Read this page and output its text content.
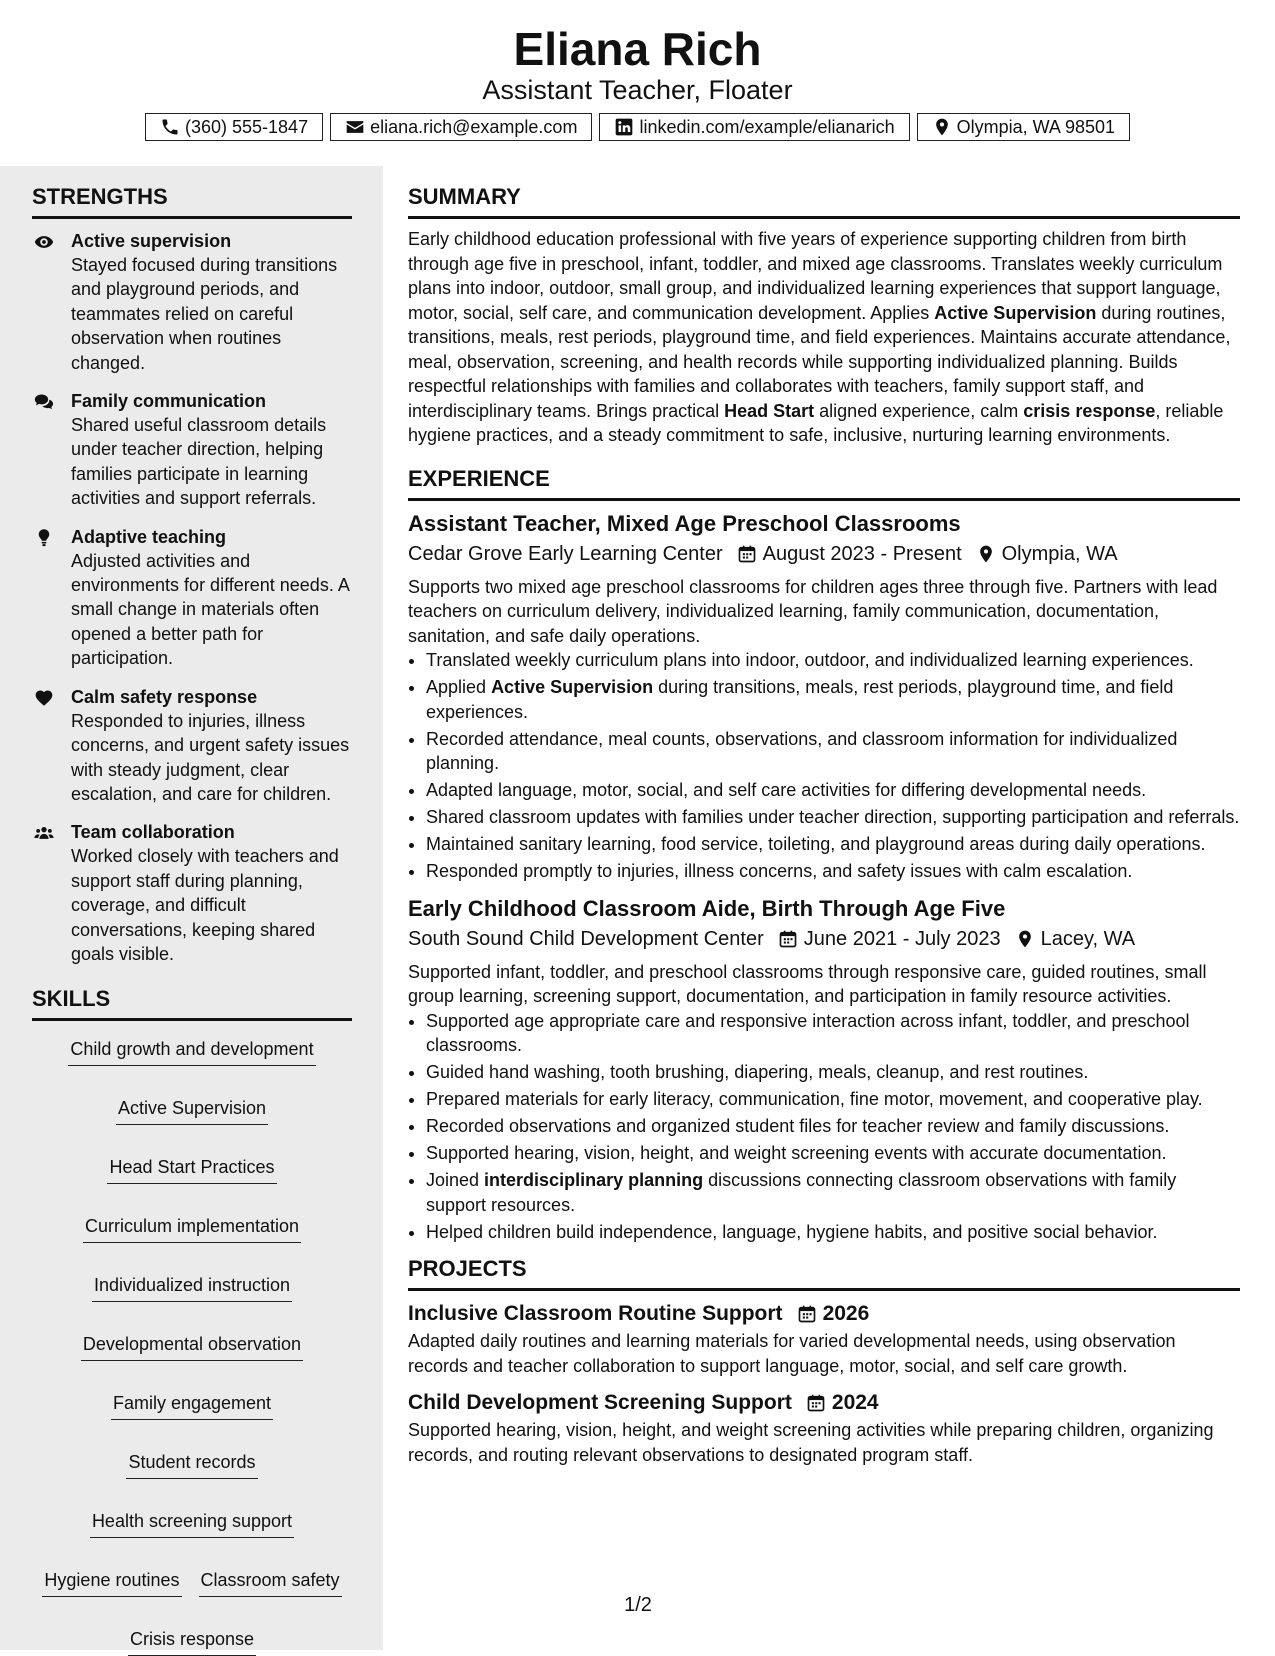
Eliana Rich
Assistant Teacher, Floater
(360) 555-1847	eliana.rich@example.com	linkedin.com/example/elianarich	Olympia, WA 98501
STRENGTHS
Active supervision
Stayed focused during transitions and playground periods, and teammates relied on careful observation when routines changed.
Family communication
Shared useful classroom details under teacher direction, helping families participate in learning activities and support referrals.
Adaptive teaching
Adjusted activities and environments for different needs. A small change in materials often opened a better path for participation.
Calm safety response
Responded to injuries, illness concerns, and urgent safety issues with steady judgment, clear escalation, and care for children.
Team collaboration
Worked closely with teachers and support staff during planning, coverage, and difficult conversations, keeping shared goals visible.
SKILLS
Child growth and development
Active Supervision
Head Start Practices
Curriculum implementation
Individualized instruction
Developmental observation
Family engagement
Student records
Health screening support
Hygiene routines Classroom safety
Crisis response
SUMMARY
Early childhood education professional with five years of experience supporting children from birth through age five in preschool, infant, toddler, and mixed age classrooms. Translates weekly curriculum plans into indoor, outdoor, small group, and individualized learning experiences that support language, motor, social, self care, and communication development. Applies Active Supervision during routines, transitions, meals, rest periods, playground time, and field experiences. Maintains accurate attendance, meal, observation, screening, and health records while supporting individualized planning. Builds respectful relationships with families and collaborates with teachers, family support staff, and interdisciplinary teams. Brings practical Head Start aligned experience, calm crisis response, reliable hygiene practices, and a steady commitment to safe, inclusive, nurturing learning environments.
EXPERIENCE
Assistant Teacher, Mixed Age Preschool Classrooms
Cedar Grove Early Learning Center August 2023 - Present Olympia, WA
Supports two mixed age preschool classrooms for children ages three through five. Partners with lead teachers on curriculum delivery, individualized learning, family communication, documentation, sanitation, and safe daily operations.
• Translated weekly curriculum plans into indoor, outdoor, and individualized learning experiences.
• Applied Active Supervision during transitions, meals, rest periods, playground time, and field experiences.
• Recorded attendance, meal counts, observations, and classroom information for individualized planning.
• Adapted language, motor, social, and self care activities for differing developmental needs.
• Shared classroom updates with families under teacher direction, supporting participation and referrals.
• Maintained sanitary learning, food service, toileting, and playground areas during daily operations.
• Responded promptly to injuries, illness concerns, and safety issues with calm escalation.
Early Childhood Classroom Aide, Birth Through Age Five
South Sound Child Development Center June 2021 - July 2023 Lacey, WA
Supported infant, toddler, and preschool classrooms through responsive care, guided routines, small group learning, screening support, documentation, and participation in family resource activities.
• Supported age appropriate care and responsive interaction across infant, toddler, and preschool classrooms.
• Guided hand washing, tooth brushing, diapering, meals, cleanup, and rest routines.
• Prepared materials for early literacy, communication, fine motor, movement, and cooperative play.
• Recorded observations and organized student files for teacher review and family discussions.
• Supported hearing, vision, height, and weight screening events with accurate documentation.
• Joined interdisciplinary planning discussions connecting classroom observations with family support resources.
• Helped children build independence, language, hygiene habits, and positive social behavior.
PROJECTS
Inclusive Classroom Routine Support 2026
Adapted daily routines and learning materials for varied developmental needs, using observation records and teacher collaboration to support language, motor, social, and self care growth.
Child Development Screening Support 2024
Supported hearing, vision, height, and weight screening activities while preparing children, organizing records, and routing relevant observations to designated program staff.
1/2
